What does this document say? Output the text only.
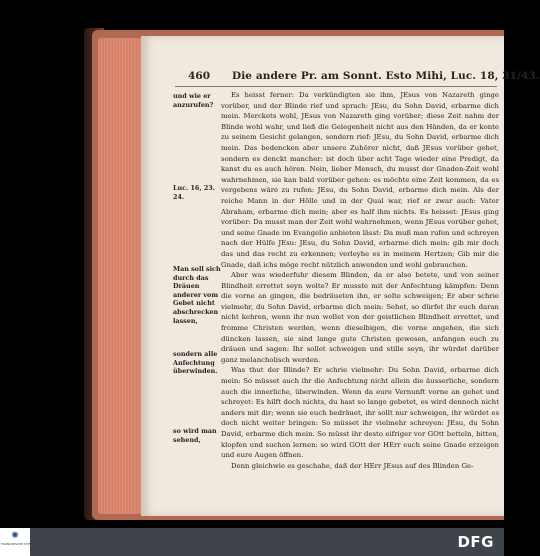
460 Die andere Pr. am Sonnt. Esto Mihi, Luc. 18, 31/43.
und wie er anzurufen?
Luc. 16, 23. 24.
Man soll sich durch das Dräuen anderer vom Gebet nicht abschrecken lassen,
sondern alle Anfechtung überwinden.
so wird man sehend,

Es heisst ferner: Da verkündigten sie ihm, JEsus von Nazareth ginge vorüber, und der Blinde rief und sprach: JEsu, du Sohn David, erbarme dich mein. Merckets wohl, JEsus von Nazareth ging vorüber; diese Zeit nahm der Blinde wohl wahr, und ließ die Gelegenheit nicht aus den Händen, da er konte zu seinem Gesicht gelangen, sondern rief: JEsu, du Sohn David, erbarme dich mein. Das bedencken aber unsere Zuhörer nicht, daß JEsus vorüber gehet, sondern es denckt mancher: ist doch über acht Tage wieder eine Predigt, da kanst du es auch hören. Nein, lieber Mensch, du musst der Gnaden-Zeit wohl wahrnehmen, sie kan bald vorüber gehen: es möchte eine Zeit kommen, da es vergebens wäre zu rufen: JEsu, du Sohn David, erbarme dich mein. Als der reiche Mann in der Hölle und in der Qual war, rief er zwar auch: Vater Abraham, erbarme dich mein; aber es half ihm nichts. Es heisset: JEsus ging vorüber: Da musst man der Zeit wohl wahrnehmen, wenn JEsus vorüber gehet, und seine Gnade im Evangelio anbieten lässt: Da muß man rufen und schreyen nach der Hülfe JEsu: JEsu, du Sohn David, erbarme dich mein: gib mir doch das und das recht zu erkennen; verleyhe es in meinem Hertzen; Gib mir die Gnade, daß ichs möge recht nützlich anwenden und wohl gebrauchen.

Aber was wiederfuhr diesem Blinden, da er also betete, und von seiner Blindheit errettet seyn wolte? Er musste mit der Anfechtung kämpfen: Denn die vorne an gingen, die bedräueten ihn, er solte schweigen; Er aber schrie vielmehr, du Sohn David, erbarme dich mein: Sehet, so dürfet ihr euch daran nicht kehren, wenn ihr nun wollet von der geistlichen Blindheit errettet, und fromme Christen werden, wenn dieselbigen, die vorne angehen, die sich düncken lassen, sie sind lange gute Christen gewesen, anfangen euch zu dräuen und sagen: Ihr sollet schweigen und stille seyn, ihr würdet darüber ganz melancholisch werden.

Was thut der Blinde? Er schrie vielmehr: Du Sohn David, erbarme dich mein: So müsset auch ihr die Anfechtung nicht allein die äusserliche, sondern auch die innerliche, überwinden. Wenn da eure Vernunft vorne an gehet und schreyet: Es hilft doch nichts, du hast so lange gebetet, es wird dennoch nicht anders mit dir; wenn sie euch bedräuet, ihr sollt nur schweigen, ihr würdet es doch nicht weiter bringen: So müsset ihr vielmehr schreyen: JEsu, du Sohn David, erbarme dich mein. So müsst ihr desto eifriger vor GOtt betteln, bitten, klopfen und suchen lernen: so wird GOtt der HErr euch seine Gnade erzeigen und eure Augen öffnen.

Denn gleichwie es geschahe, daß der HErr JEsus auf des Blinden Ge-

✺
FRANCKESCHE STIFTUNGEN	DFG
